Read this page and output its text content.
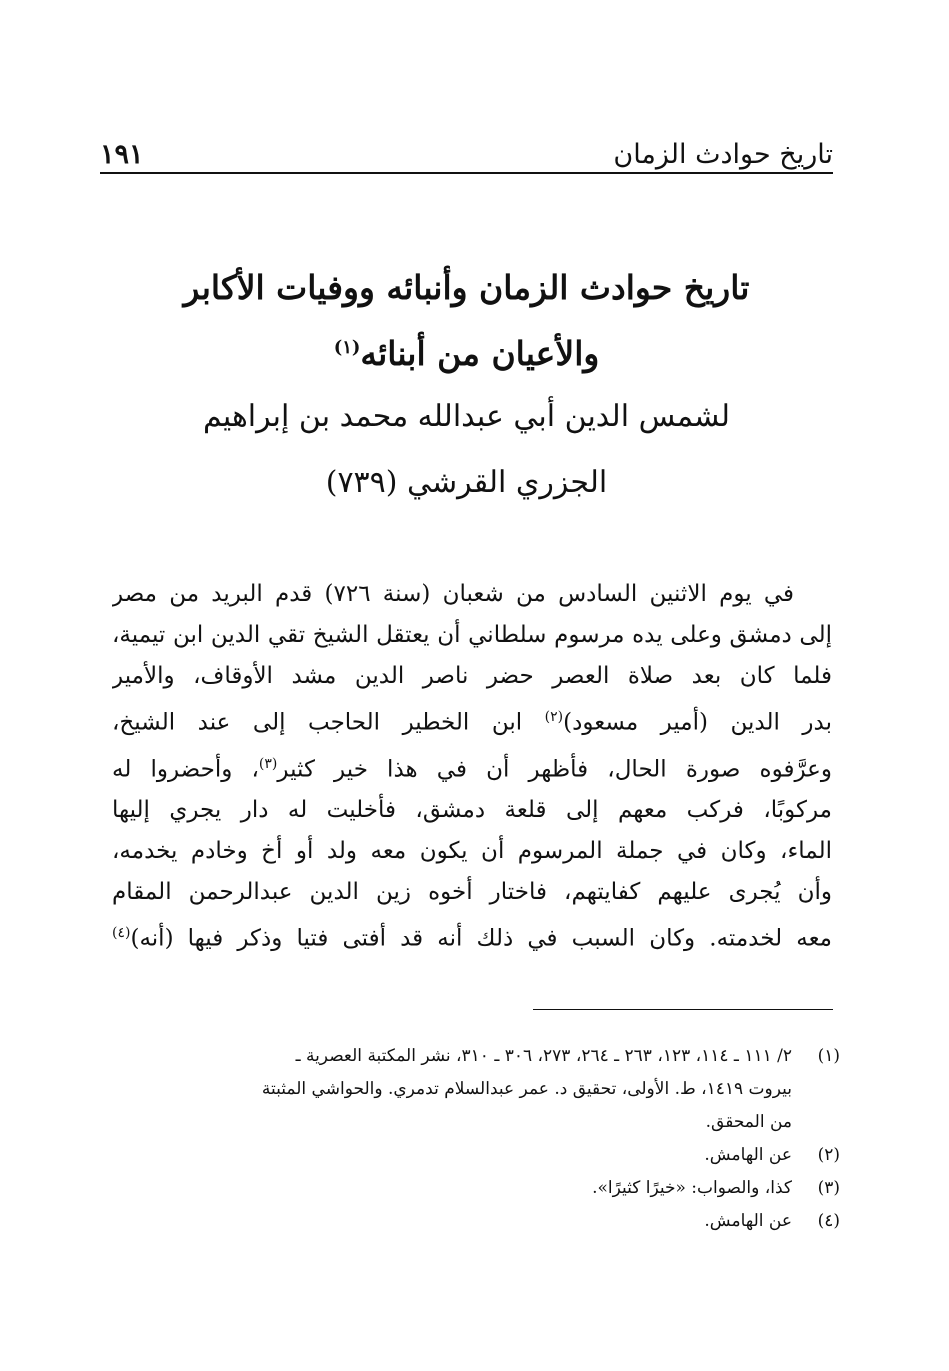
تاريخ حوادث الزمان
١٩١
تاريخ حوادث الزمان وأنبائه ووفيات الأكابر
والأعيان من أبنائه$^{(١)}$
لشمس الدين أبي عبدالله محمد بن إبراهيم
الجزري القرشي (٧٣٩)
في يوم الاثنين السادس من شعبان (سنة ٧٢٦) قدم البريد من مصر
إلى دمشق وعلى يده مرسوم سلطاني أن يعتقل الشيخ تقي الدين ابن تيمية،
فلما كان بعد صلاة العصر حضر ناصر الدين مشد الأوقاف، والأمير
بدر الدين (أمير مسعود)$^{(٢)}$ ابن الخطير الحاجب إلى عند الشيخ،
وعرَّفوه صورة الحال، فأظهر أن في هذا خير كثير$^{(٣)}$، وأحضروا له
مركوبًا، فركب معهم إلى قلعة دمشق، فأخليت له دار يجري إليها
الماء، وكان في جملة المرسوم أن يكون معه ولد أو أخ وخادم يخدمه،
وأن يُجرى عليهم كفايتهم، فاختار أخوه زين الدين عبدالرحمن المقام
معه لخدمته. وكان السبب في ذلك أنه قد أفتى فتيا وذكر فيها (أنه)$^{(٤)}$
(١)
٢/ ١١١ ـ ١١٤، ١٢٣، ٢٦٣ ـ ٢٦٤، ٢٧٣، ٣٠٦ ـ ٣١٠، نشر المكتبة العصرية ـ
بيروت ١٤١٩، ط. الأولى، تحقيق د. عمر عبدالسلام تدمري. والحواشي المثبتة
من المحقق.
(٢)
عن الهامش.
(٣)
كذا، والصواب: «خيرًا كثيرًا».
(٤)
عن الهامش.
